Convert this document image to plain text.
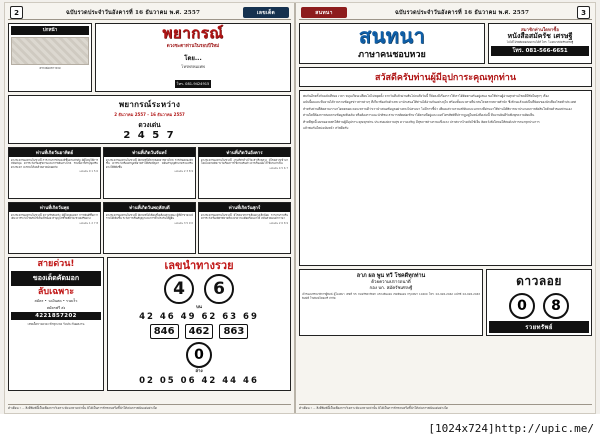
2	ฉบับรวดประจำวันอังคารที่ 16 ธันวาคม พ.ศ. 2557	เลขเด็ด
ปกหน้า
ตรวจสอบข่าวหวย
พยากรณ์
ดวงชะตาท่านในรอบปีใหม่
โดย...
โหรพรหมเทพ
โทร. 081-9424915
พยากรณ์ระหว่าง
2 ธันวาคม 2557 - 16 ธันวาคม 2557
ดวงเด่น
2 4 5 7
ท่านที่เกิดวันอาทิตย์
ดวงชะตาของท่านในช่วงนี้ การงานการเงินจะดีขึ้นตามลำดับ มีผู้ใหญ่ให้การสนับสนุน ควรระวังเรื่องสุขภาพและการเดินทางไกล ช่วงนี้ควรทำบุญเสริมดวงชะตา จะช่วยให้แคล้วคลาดปลอดภัย
เลขเด่น 0 1 5 6
ท่านที่เกิดวันจันทร์
ดวงชะตาของท่านในช่วงนี้ มีเกณฑ์ได้ลาภลอยจากทางไกล การเงินคล่องตัวขึ้น ควรระวังเรื่องคำพูดที่อาจทำให้เกิดปัญหา หมั่นทำบุญตักบาตรจะเสริมดวงให้ดียิ่งขึ้น
เลขเด่น 2 3 8 9
ท่านที่เกิดวันอังคาร
ดวงชะตาของท่านในช่วงนี้ งานที่ทำค้างไว้จะสำเร็จลุล่วง มีโชคลาภเข้ามาโดยไม่คาดคิด ระวังเรื่องการใช้จ่ายเกินตัว ควรเก็บออมไว้ใช้ยามจำเป็น
เลขเด่น 4 5 6 7
ท่านที่เกิดวันพุธ
ดวงชะตาของท่านในช่วงนี้ ความรักสมหวัง มีผู้ใหญ่เมตตา การเงินดีขึ้นกว่าเดิม ควรระวังโรคภัยไข้เจ็บเล็กน้อย ทำบุญไถ่ชีวิตสัตว์จะช่วยเสริมดวง
เลขเด่น 1 2 7 8
ท่านที่เกิดวันพฤหัสบดี
ดวงชะตาของท่านในช่วงนี้ มีเกณฑ์ได้เลื่อนขั้นเลื่อนตำแหน่ง ผู้ที่ค้าขายจะมีรายได้เพิ่มขึ้น ระวังการเซ็นสัญญาและการค้ำประกันให้ผู้อื่น
เลขเด่น 3 5 9 0
ท่านที่เกิดวันศุกร์
ดวงชะตาของท่านในช่วงนี้ มีโชคจากการเสี่ยงดวงเล็กน้อย การงานราบรื่น ควรระวังเรื่องมิตรสหายที่จะนำความเดือดร้อนมาให้ หมั่นสวดมนต์ภาวนา
เลขเด่น 2 6 8 9
สายด่วน!
ของเด็ดคัดมอก
ลับเฉพาะ
สมัคร • วงเงินสด • รวดเร็ว
สมัครฟรี ส่ง
4221857202
เลขเด็ดรายงวด เข้าทุกงวด รับประกันผลงาน
เลขนำทางรวย
4	6
บน
42 46 49 62 63 69
846	462	863
0
ล่าง
02 05 06 42 44 46
คำเตือน ! ... สิ่งตีพิมพ์นี้เป็นเพียงการวิเคราะห์แนวทางเท่านั้น มิได้เป็นการชักชวนหรือชี้นำให้เล่นการพนันแต่อย่างใด
สนทนา	ฉบับรวดประจำวันอังคารที่ 16 ธันวาคม พ.ศ. 2557	3
สนทนา
ภาษาคนชอบหวย
สมาชิกท่านใดหาซื้อ
หนังสือสมัครัช เศรษฐี
ไม่ได้โปรดติดต่อสอบถามได้ที่ โทร. โฆษณาสมัครัชเศรษฐี
โทร. 081-566-6651
สวัสดีครับท่านผู้มีอุปการะคุณทุกท่าน

พบกันอีกครั้งกับฉบับที่สอง เวลา หมุนเวียนเปลี่ยนไปไม่หยุดยั้ง จากวันที่แล้วผ่านพ้นไปจนถึงวันนี้ ก็ยังคงมีเรื่องราวให้เราได้ติดตามกันอยู่เสมอ ขอให้ท่านผู้อ่านทุกท่านโชคดีมีชัยในทุกๆ เรื่อง

ฉบับนี้ผมและทีมงานได้รวบรวมข้อมูลข่าวสารต่างๆ ที่เกี่ยวข้องกับตัวเลข มานำเสนอให้ท่านได้อ่านกันอย่างจุใจ พร้อมทั้งแนวทางที่น่าสนใจหลากหลายสำนัก ซึ่งล้วนแล้วแต่เป็นที่นิยมของนักเสี่ยงโชคทั่วประเทศ

สำหรับท่านที่ติดตามเรามาโดยตลอด คงจะทราบดีว่าเรานำเสนอข้อมูลอย่างตรงไปตรงมา ไม่มีการชี้นำ เพียงแต่รวบรวมสถิติและแนวทางที่ผ่านมาให้ท่านได้พิจารณาประกอบการตัดสินใจด้วยตัวของท่านเอง

ท่านใดที่ต้องการสอบถามข้อมูลเพิ่มเติม หรือต้องการแนะนำติชม สามารถติดต่อเข้ามาได้ตามที่อยู่และเบอร์โทรศัพท์ที่ปรากฏอยู่ในหนังสือเล่มนี้ ทีมงานยินดีรับฟังทุกความคิดเห็น

ท้ายที่สุดนี้ ผมขออวยพรให้ท่านผู้มีอุปการะคุณทุกท่าน ประสบแต่ความสุข ความเจริญ มีสุขภาพร่างกายแข็งแรง ปราศจากโรคภัยไข้เจ็บ คิดหวังสิ่งใดขอให้สมดังปรารถนาทุกประการ

แล้วพบกันใหม่ฉบับหน้า สวัสดีครับ

ลาภ ผล พูน ทวี โชคดีทุกท่าน
ด้วยความปรารถนาดี
กอง บก. สมัครัชเศรษฐี
เจ้าของบรรณาธิการผู้พิมพ์ ผู้โฆษณา เลขที่ 55 ถนนรัชดาภิเษก แขวงดินแดง เขตดินแดง กรุงเทพฯ 10400 โทร. 02-926-2462 แฟกซ์ 02-926-2463 พิมพ์ที่ โรงพิมพ์ไทยเสรี จำกัด
ดาวลอย
0	8
รวยทรัพย์
คำเตือน ! ... สิ่งตีพิมพ์นี้เป็นเพียงการวิเคราะห์แนวทางเท่านั้น มิได้เป็นการชักชวนหรือชี้นำให้เล่นการพนันแต่อย่างใด
[1024x724]http://upic.me/
